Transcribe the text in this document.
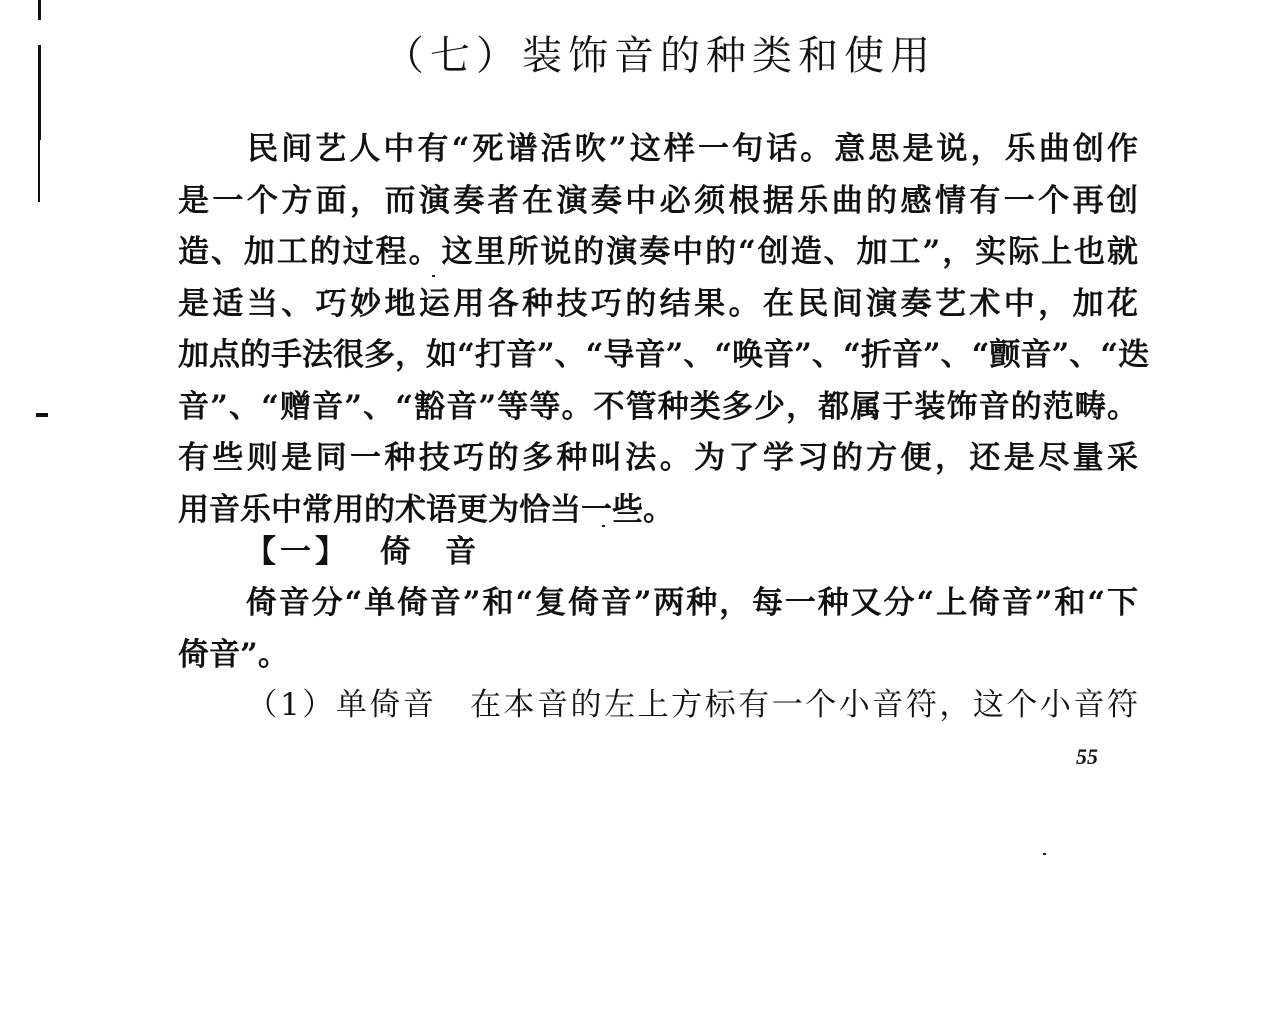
（七）装饰音的种类和使用
民间艺人中有“死谱活吹”这样一句话。意思是说，乐曲创作
是一个方面，而演奏者在演奏中必须根据乐曲的感情有一个再创
造、加工的过程。这里所说的演奏中的“创造、加工”，实际上也就
是适当、巧妙地运用各种技巧的结果。在民间演奏艺术中，加花
加点的手法很多，如“打音”、“导音”、“唤音”、“折音”、“颤音”、“迭
音”、“赠音”、“豁音”等等。不管种类多少，都属于装饰音的范畴。
有些则是同一种技巧的多种叫法。为了学习的方便，还是尽量采
用音乐中常用的术语更为恰当一些。
【一】 倚 音
倚音分“单倚音”和“复倚音”两种，每一种又分“上倚音”和“下
倚音”。
（1）单倚音　在本音的左上方标有一个小音符，这个小音符
55
